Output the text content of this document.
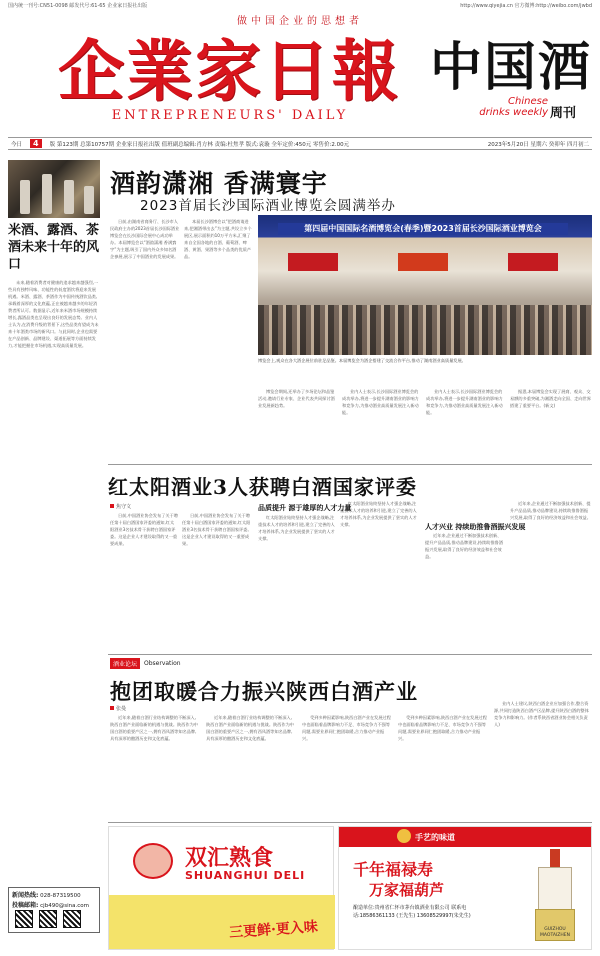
国内统一刊号:CN51-0098 邮发代号:61-65 企业家日报社出版	http://www.qiyejia.cn 官方微博:http://weibo.com/jwbd
做中国企业的思想者
企 業 家 日 報
ENTREPRENEURS' DAILY
中国酒
Chinese drinks weekly 周刊
今日	4	版 第123期 总第10757期 企业家日报社出版 值班副总编辑:肖方林 责编:杜焦孝 版式:袁璇 全年定价:450元 零售价:2.00元	2023年5月20日 星期六 癸卯年 四月初二
米酒、露酒、茶酒未来十年的风口
未来,随着消费者对健康的追求越来越强烈,一些具有独特风味、功能性的低度酒饮将迎来发展机遇。米酒、露酒、茶酒作为中国传统酒饮品类,承载着深厚的文化底蕴,正在被越来越多的年轻消费者所认可。数据显示,近年来米酒市场规模持续增长,露酒品类也呈现出良好的发展态势。业内人士认为,在消费升级的背景下,这些品类有望成为未来十年酒类市场的新风口。与此同时,企业也需要在产品创新、品牌建设、渠道拓展等方面持续发力,才能把握住市场机遇,实现高质量发展。
新闻热线: 028-87319500
投稿邮箱: cjb490@sina.com
酒韵潇湘 香满寰宇
2023首届长沙国际酒业博览会圆满举办
日前,由湖南省商务厅、长沙市人民政府主办的2023首届长沙国际酒业博览会在长沙国际会展中心成功举办。本届博览会以“酒韵潇湘 香满寰宇”为主题,吸引了国内外众多知名酒企参展,展示了中国酒业的发展成果。
本届长沙酒博会以“把酒商请进来,把湘酒带出去”为主题,共设立多个展区,展示面积约10万平方米,汇聚了来自全国各地的白酒、葡萄酒、啤酒、黄酒、果酒等多个品类的优质产品。
第四届中国国际名酒博览会(春季)暨2023首届长沙国际酒业博览会
博览会上,观众在各大酒企展位前驻足品鉴。本届博览会为酒企搭建了交流合作平台,推动了湖南酒业高质量发展。
博览会期间,还举办了多场论坛和品鉴活动,邀请行业专家、企业代表共同探讨酒业发展新趋势。
业内人士表示,长沙国际酒业博览会的成功举办,将进一步提升湖南酒业的影响力和竞争力,为推动酒业高质量发展注入新动能。
业内人士表示,长沙国际酒业博览会的成功举办,将进一步提升湖南酒业的影响力和竞争力,为推动酒业高质量发展注入新动能。
据悉,本届博览会实现了展商、观众、交易额的多重突破,为湘酒走向全国、走向世界搭建了重要平台。(新文)
红太阳酒业3人获聘白酒国家评委
焦守文	品质提升 源于雄厚的人才力量
人才兴业 持续助推鲁酒振兴发展
日前,中国酒业协会发布了关于聘任第十届白酒国家评委的通知,红太阳酒业3名技术骨干获聘白酒国家评委。这是企业人才建设取得的又一重要成果。
日前,中国酒业协会发布了关于聘任第十届白酒国家评委的通知,红太阳酒业3名技术骨干获聘白酒国家评委。这是企业人才建设取得的又一重要成果。
红太阳酒业始终坚持人才强企战略,注重技术人才的培养和引进,建立了完善的人才培养体系,为企业发展提供了坚实的人才支撑。
红太阳酒业始终坚持人才强企战略,注重技术人才的培养和引进,建立了完善的人才培养体系,为企业发展提供了坚实的人才支撑。
近年来,企业通过不断加强技术创新、提升产品品质,推动品牌建设,持续助推鲁酒振兴发展,取得了良好的经济效益和社会效益。
近年来,企业通过不断加强技术创新、提升产品品质,推动品牌建设,持续助推鲁酒振兴发展,取得了良好的经济效益和社会效益。
酒业论坛	Observation
抱团取暖合力振兴陕西白酒产业
张曼
近年来,随着白酒行业结构调整的不断深入,陕西白酒产业面临新的机遇与挑战。陕西作为中国白酒的重要产区之一,拥有西凤酒等知名品牌,具有深厚的酿酒历史和文化底蕴。
近年来,随着白酒行业结构调整的不断深入,陕西白酒产业面临新的机遇与挑战。陕西作为中国白酒的重要产区之一,拥有西凤酒等知名品牌,具有深厚的酿酒历史和文化底蕴。
受到多种因素影响,陕西白酒产业在发展过程中也面临着品牌影响力不足、市场竞争力不强等问题,需要业界同仁抱团取暖,合力推动产业振兴。
受到多种因素影响,陕西白酒产业在发展过程中也面临着品牌影响力不足、市场竞争力不强等问题,需要业界同仁抱团取暖,合力推动产业振兴。
业内人士建议,陕西白酒企业应加强合作,整合资源,共同打造陕西白酒产区品牌,提升陕西白酒的整体竞争力和影响力。(作者系陕西省酒业协会相关负责人)
双汇熟食
SHUANGHUI DELI
三更鲜·更入味
手艺的味道
千年福禄寿
万家福葫芦
酿造单位:贵州省仁怀市茅台镇酒业有限公司 联系电话:18586361133 (王先生) 13608529997(朱先生)
GUIZHOU MAOTAIZHEN
